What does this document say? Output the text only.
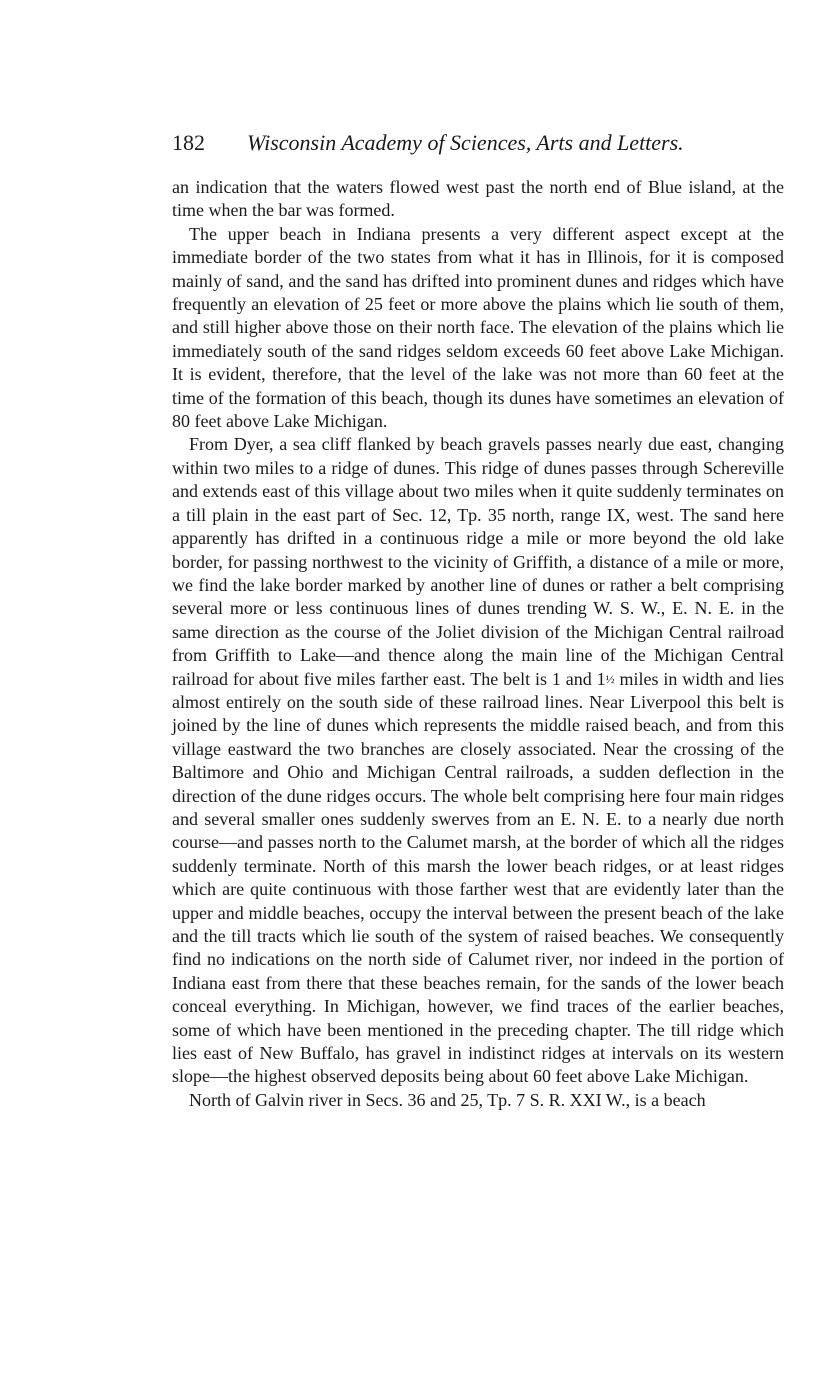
182 Wisconsin Academy of Sciences, Arts and Letters.

an indication that the waters flowed west past the north end of Blue island, at the time when the bar was formed.

The upper beach in Indiana presents a very different aspect except at the immediate border of the two states from what it has in Illinois, for it is composed mainly of sand, and the sand has drifted into prominent dunes and ridges which have frequently an elevation of 25 feet or more above the plains which lie south of them, and still higher above those on their north face. The elevation of the plains which lie immediately south of the sand ridges seldom exceeds 60 feet above Lake Michigan. It is evident, therefore, that the level of the lake was not more than 60 feet at the time of the formation of this beach, though its dunes have sometimes an elevation of 80 feet above Lake Michigan.

From Dyer, a sea cliff flanked by beach gravels passes nearly due east, changing within two miles to a ridge of dunes. This ridge of dunes passes through Schereville and extends east of this village about two miles when it quite suddenly terminates on a till plain in the east part of Sec. 12, Tp. 35 north, range IX, west. The sand here apparently has drifted in a continuous ridge a mile or more beyond the old lake border, for passing northwest to the vicinity of Griffith, a distance of a mile or more, we find the lake border marked by another line of dunes or rather a belt comprising several more or less continuous lines of dunes trending W. S. W., E. N. E. in the same direction as the course of the Joliet division of the Michigan Central railroad from Griffith to Lake—and thence along the main line of the Michigan Central railroad for about five miles farther east. The belt is 1 and 1½ miles in width and lies almost entirely on the south side of these railroad lines. Near Liverpool this belt is joined by the line of dunes which represents the middle raised beach, and from this village eastward the two branches are closely associated. Near the crossing of the Baltimore and Ohio and Michigan Central railroads, a sudden deflection in the direction of the dune ridges occurs. The whole belt comprising here four main ridges and several smaller ones suddenly swerves from an E. N. E. to a nearly due north course—and passes north to the Calumet marsh, at the border of which all the ridges suddenly terminate. North of this marsh the lower beach ridges, or at least ridges which are quite continuous with those farther west that are evidently later than the upper and middle beaches, occupy the interval between the present beach of the lake and the till tracts which lie south of the system of raised beaches. We consequently find no indications on the north side of Calumet river, nor indeed in the portion of Indiana east from there that these beaches remain, for the sands of the lower beach conceal everything. In Michigan, however, we find traces of the earlier beaches, some of which have been mentioned in the preceding chapter. The till ridge which lies east of New Buffalo, has gravel in indistinct ridges at intervals on its western slope—the highest observed deposits being about 60 feet above Lake Michigan.

North of Galvin river in Secs. 36 and 25, Tp. 7 S. R. XXI W., is a beach
